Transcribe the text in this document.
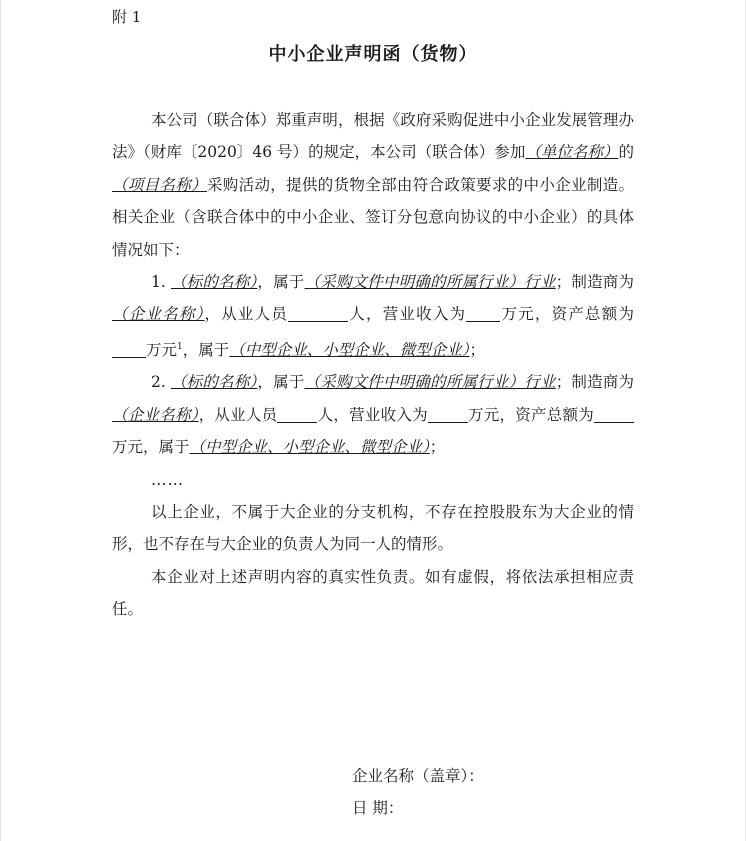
附 1
中小企业声明函（货物）

本公司（联合体）郑重声明，根据《政府采购促进中小企业发展管理办法》（财库〔2020〕46 号）的规定，本公司（联合体）参加（单位名称）的（项目名称）采购活动，提供的货物全部由符合政策要求的中小企业制造。相关企业（含联合体中的中小企业、签订分包意向协议的中小企业）的具体情况如下：

1. （标的名称），属于（采购文件中明确的所属行业）行业；制造商为（企业名称），从业人员	人，营业收入为 万元，资产总额为万元$^1$，属于（中型企业、小型企业、微型企业）；

2. （标的名称），属于（采购文件中明确的所属行业）行业；制造商为（企业名称），从业人员	人，营业收入为	万元，资产总额为万元，属于（中型企业、小型企业、微型企业）；

……

以上企业，不属于大企业的分支机构，不存在控股股东为大企业的情形，也不存在与大企业的负责人为同一人的情形。

本企业对上述声明内容的真实性负责。如有虚假，将依法承担相应责任。

企业名称（盖章）：
日 期：
